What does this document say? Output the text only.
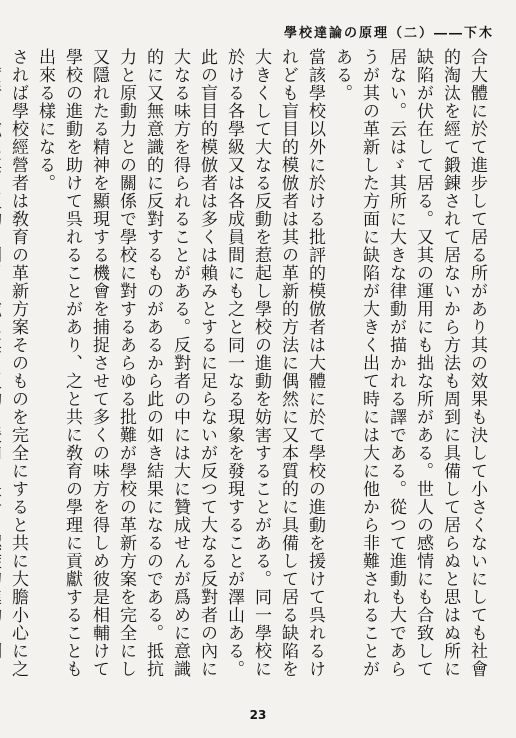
木下――（二）理原の論達校學

合大體に於て進步して居る所があり其の效果も決して小さくないにしても社會的淘汰を經て鍛錬されて居ないから方法も周到に具備して居らぬと思はぬ所に缺陷が伏在して居る。又其の運用にも拙な所がある。世人の感情にも合致して居ない。云はゞ其所に大きな律動が描かれる譯である。從つて進動も大であらうが其の革新した方面に缺陷が大きく出て時には大に他から非難されることがある。

當該學校以外に於ける批評的模倣者は大體に於て學校の進動を援けて呉れるけれども盲目的模倣者は其の革新的方法に偶然に又本質的に具備して居る缺陷を大きくして大なる反動を惹起し學校の進動を妨害することがある。同一學校に於ける各學級又は各成員間にも之と同一なる現象を發現することが澤山ある。

此の盲目的模倣者は多くは賴みとするに足らないが反つて大なる反對者の內に大なる味方を得られることがある。反對者の中には大に贊成せんが爲めに意識的に又無意識的に反對するものがあるから此の如き結果になるのである。抵抗力と原動力との關係で學校に對するあらゆる批難が學校の革新方案を完全にし又隱れたる精神を顯現する機會を捕捉させて多くの味方を得しめ彼是相輔けて學校の進動を助けて呉れることがあり、之と共に敎育の學理に貢獻することも出來る樣になる。

されば學校經營者は敎育の革新方案そのものを完全にすると共に大膽小心に之

23
